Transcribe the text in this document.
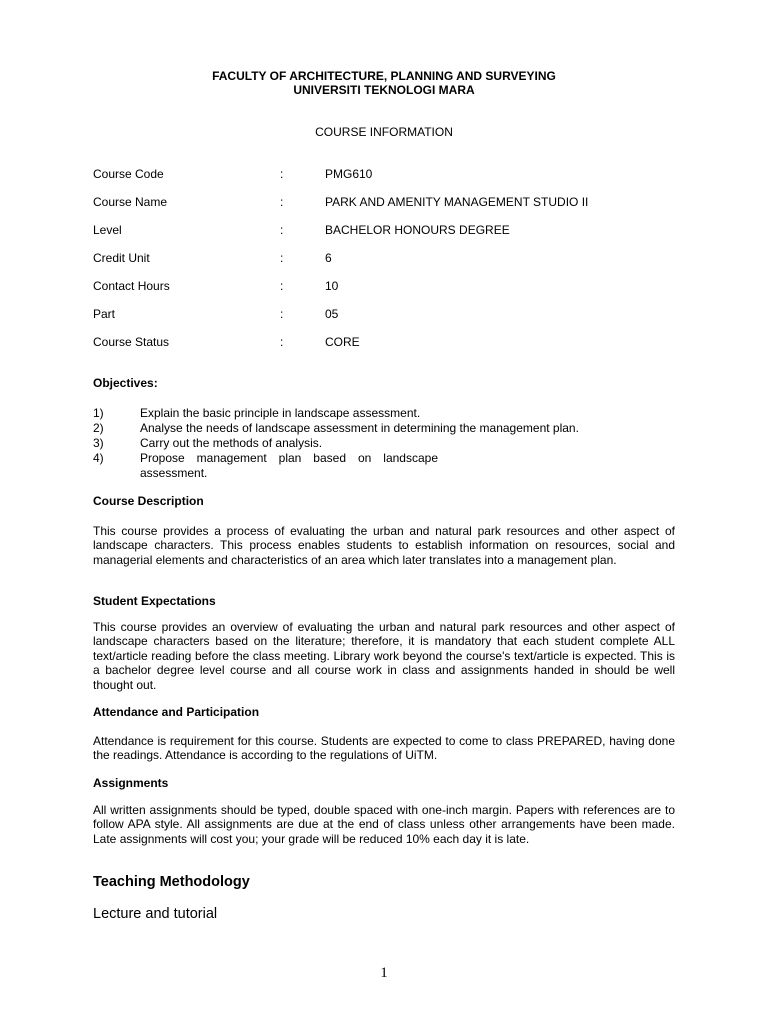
FACULTY OF ARCHITECTURE, PLANNING AND SURVEYING
UNIVERSITI TEKNOLOGI MARA
COURSE INFORMATION
Course Code	:	PMG610
Course Name	:	PARK AND AMENITY MANAGEMENT STUDIO II
Level	:	BACHELOR HONOURS DEGREE
Credit Unit	:	6
Contact Hours	:	10
Part	:	05
Course Status	:	CORE
Objectives:
1)	Explain the basic principle in landscape assessment.
2)	Analyse the needs of landscape assessment in determining the management plan.
3)	Carry out the methods of analysis.
4)	Propose management plan based on landscape assessment.
Course Description

This course provides a process of evaluating the urban and natural park resources and other aspect of landscape characters. This process enables students to establish information on resources, social and managerial elements and characteristics of an area which later translates into a management plan.

Student Expectations

This course provides an overview of evaluating the urban and natural park resources and other aspect of landscape characters based on the literature; therefore, it is mandatory that each student complete ALL text/article reading before the class meeting. Library work beyond the course's text/article is expected. This is a bachelor degree level course and all course work in class and assignments handed in should be well thought out.

Attendance and Participation

Attendance is requirement for this course. Students are expected to come to class PREPARED, having done the readings. Attendance is according to the regulations of UiTM.

Assignments

All written assignments should be typed, double spaced with one-inch margin. Papers with references are to follow APA style. All assignments are due at the end of class unless other arrangements have been made. Late assignments will cost you; your grade will be reduced 10% each day it is late.

Teaching Methodology
Lecture and tutorial
1
